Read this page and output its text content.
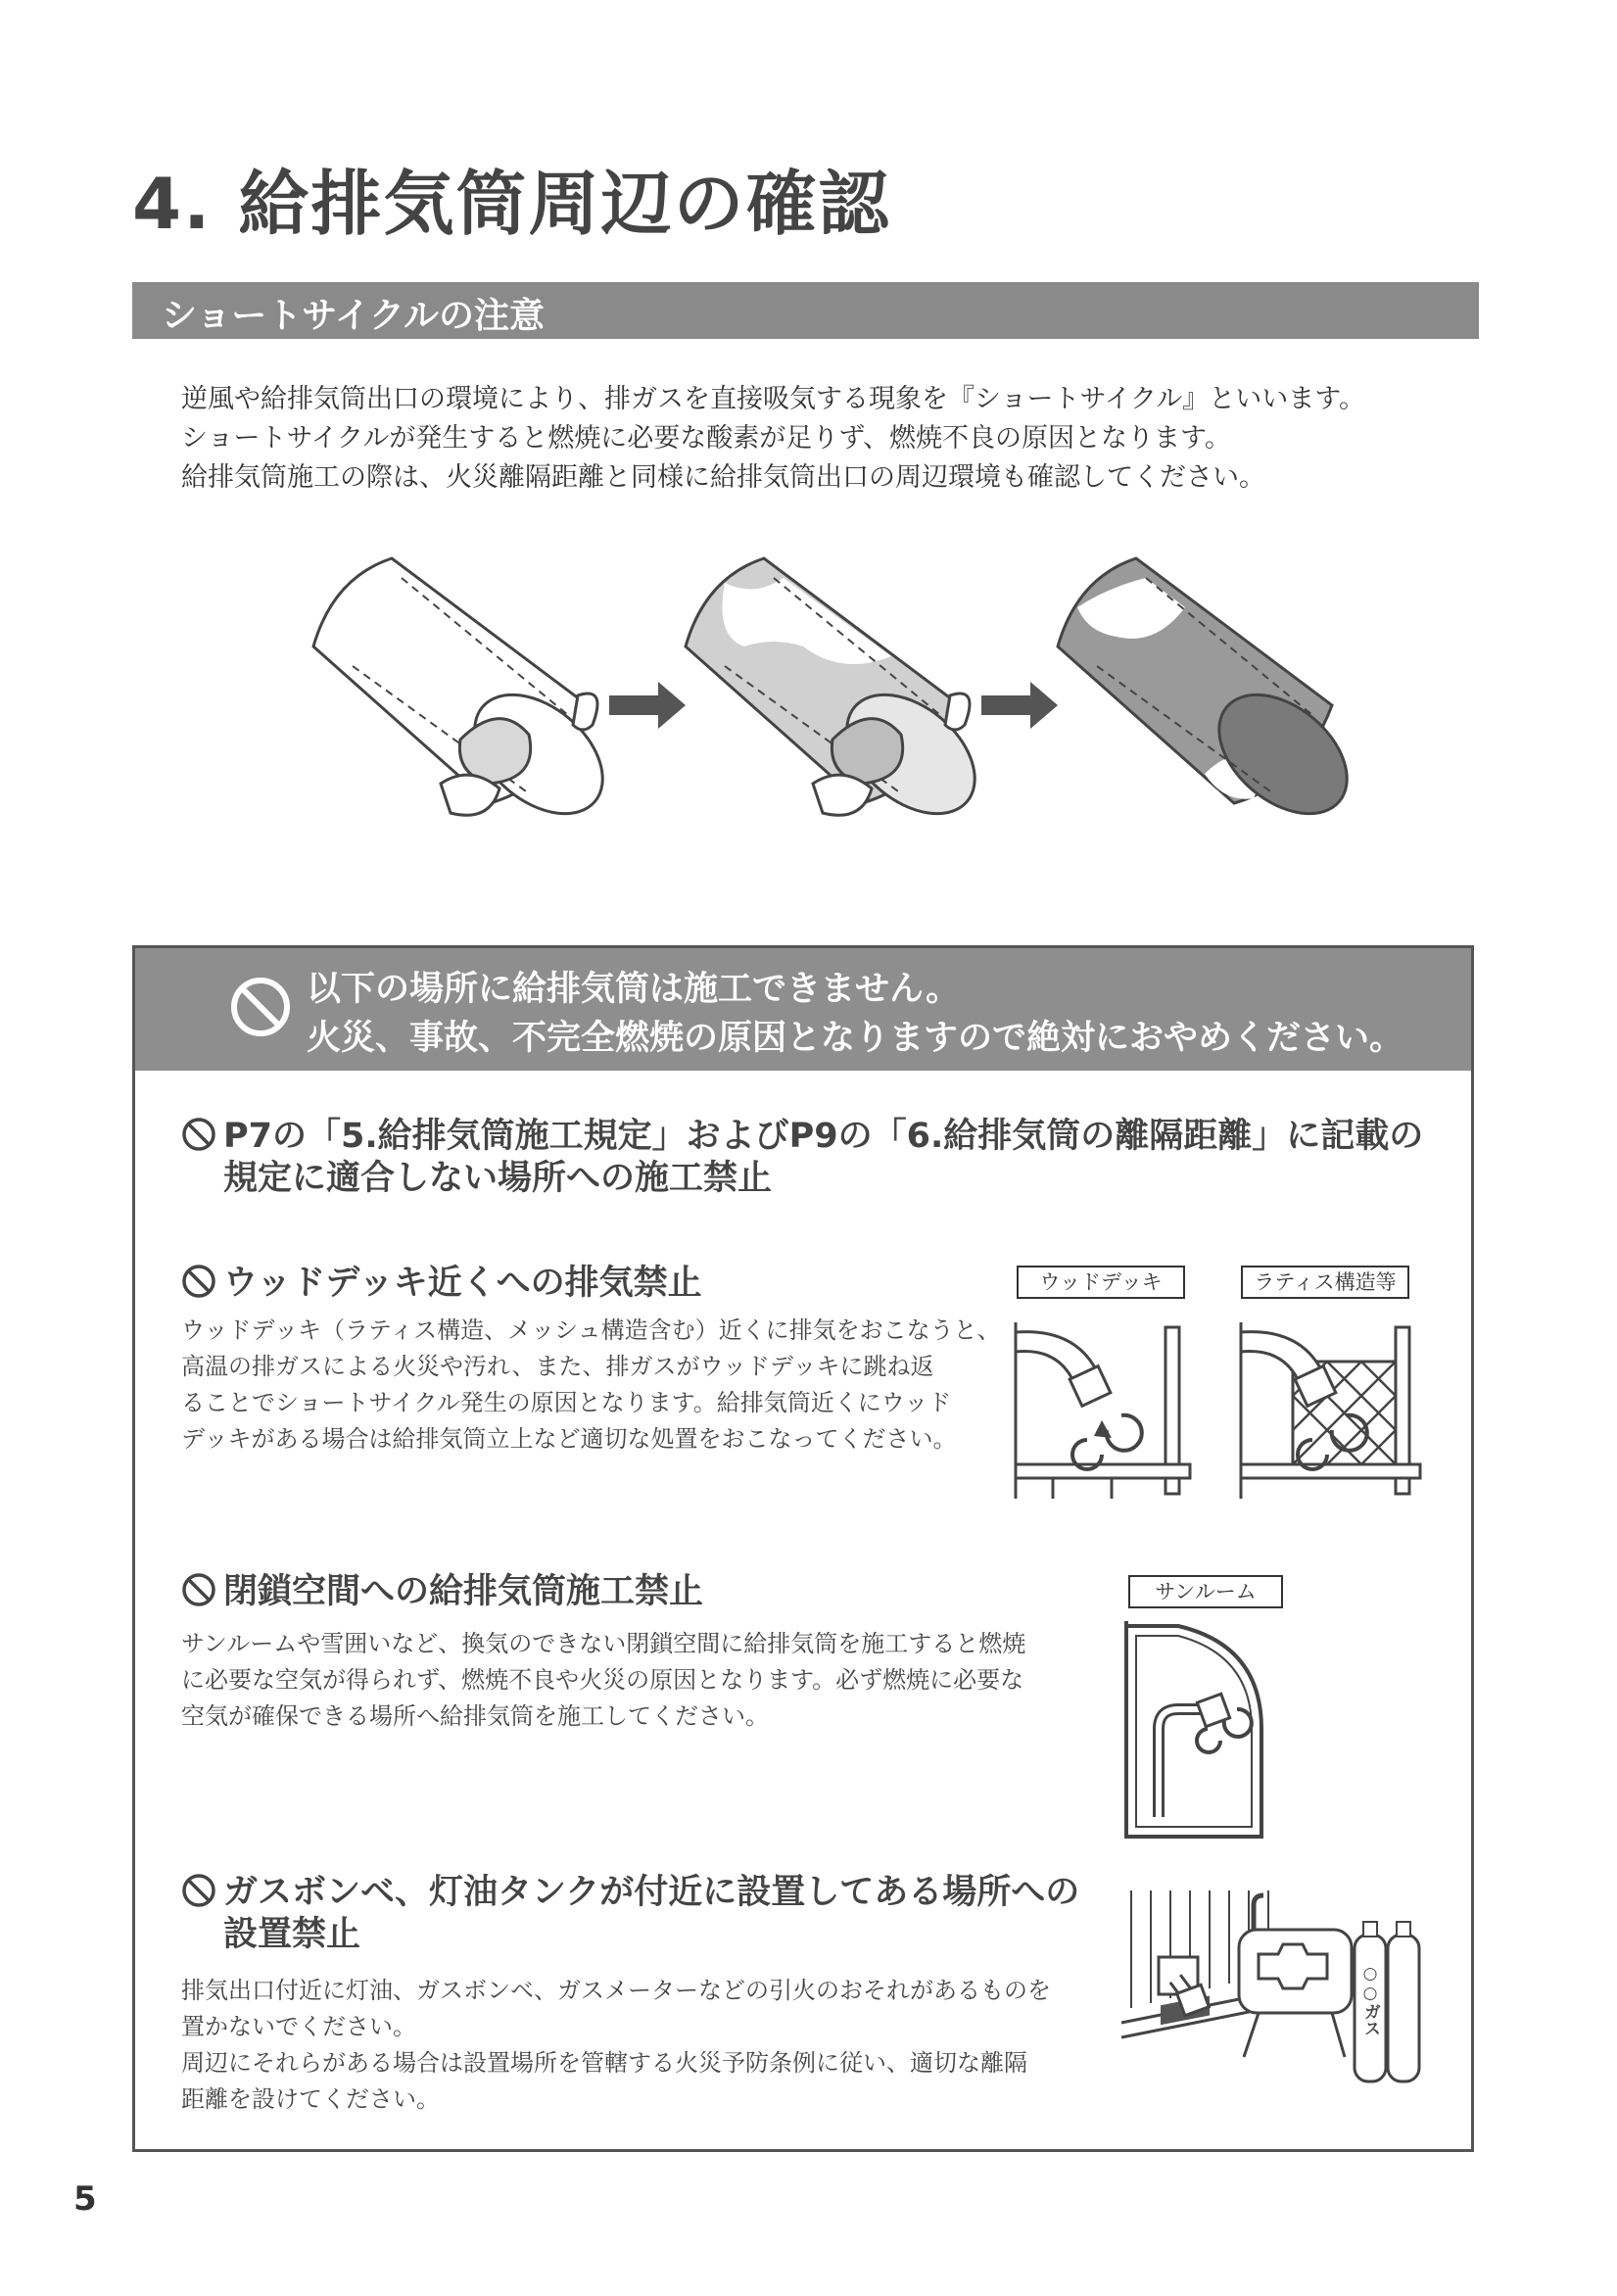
4. 給排気筒周辺の確認
ショートサイクルの注意
逆風や給排気筒出口の環境により、排ガスを直接吸気する現象を『ショートサイクル』といいます。
ショートサイクルが発生すると燃焼に必要な酸素が足りず、燃焼不良の原因となります。
給排気筒施工の際は、火災離隔距離と同様に給排気筒出口の周辺環境も確認してください。
以下の場所に給排気筒は施工できません。
火災、事故、不完全燃焼の原因となりますので絶対におやめください。
P7の「5.給排気筒施工規定」およびP9の「6.給排気筒の離隔距離」に記載の
規定に適合しない場所への施工禁止
ウッドデッキ近くへの排気禁止
ウッドデッキ（ラティス構造、メッシュ構造含む）近くに排気をおこなうと、
高温の排ガスによる火災や汚れ、また、排ガスがウッドデッキに跳ね返
ることでショートサイクル発生の原因となります。給排気筒近くにウッド
デッキがある場合は給排気筒立上など適切な処置をおこなってください。
ウッドデッキ	ラティス構造等
閉鎖空間への給排気筒施工禁止
サンルームや雪囲いなど、換気のできない閉鎖空間に給排気筒を施工すると燃焼
に必要な空気が得られず、燃焼不良や火災の原因となります。必ず燃焼に必要な
空気が確保できる場所へ給排気筒を施工してください。
サンルーム
ガスボンベ、灯油タンクが付近に設置してある場所への
設置禁止
排気出口付近に灯油、ガスボンベ、ガスメーターなどの引火のおそれがあるものを
置かないでください。
周辺にそれらがある場合は設置場所を管轄する火災予防条例に従い、適切な離隔
距離を設けてください。
○○ガス
5
